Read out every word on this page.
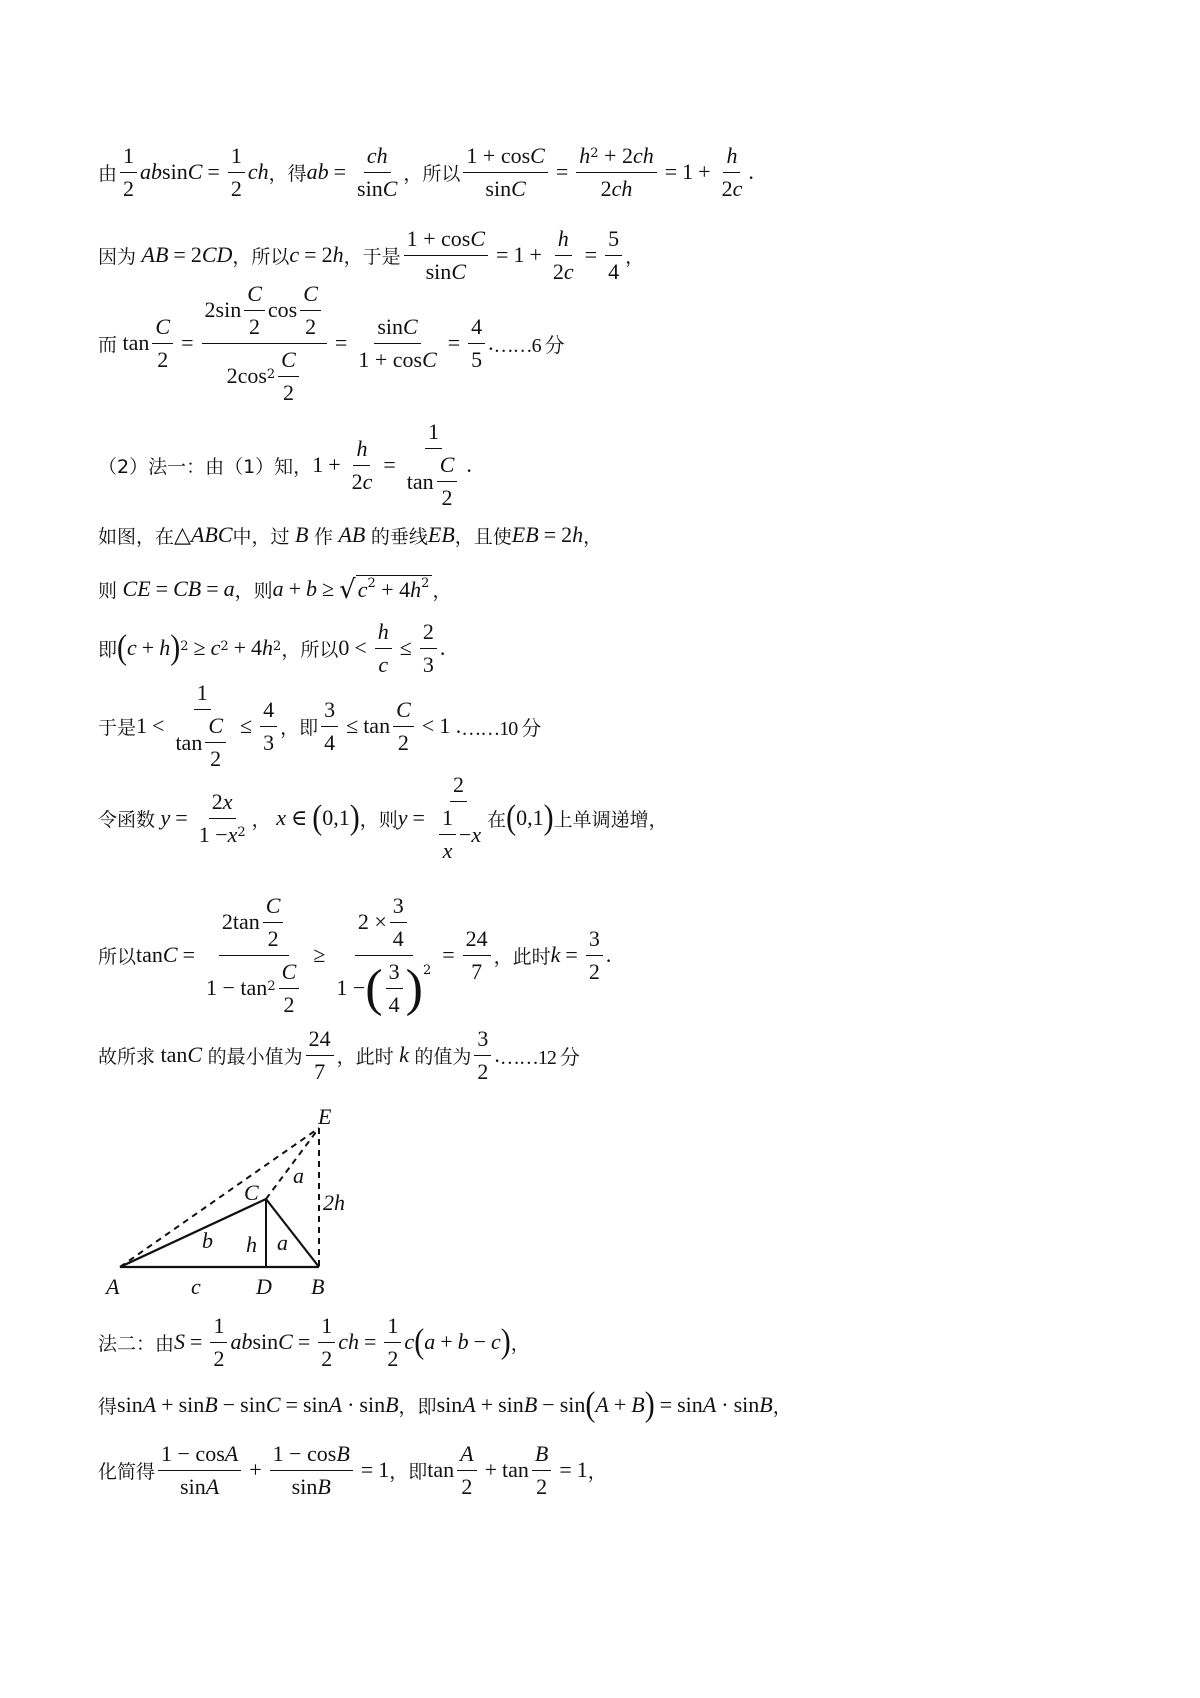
由 $\frac{1}{2}$ ab $\sin C = \frac{1}{2}$ ch ，得 ab = $\frac{ch}{\text{sin C}}$ ，所以 $\frac{\text{1 + cos C}}{\text{sin C}} = \frac{h 2 + 2 ch}{2 ch} = 1 + \frac{h}{2 c}$ .
因为 AB = 2 CD ，所以 c = 2 h ，于是 $\frac{\text{1 + cos C}}{\text{sin C}} = 1 + \frac{h}{2 c} = \frac{5}{4}$ ，
而 $\tan \frac{C}{2} = \frac{2\sin \frac{C}{2} \cos \frac{C}{2}}{2\cos 2 \frac{C}{2}} = \frac{\text{sin C}}{\text{1 + cos C}} = \frac{4}{5}$ . ……6 分
（2）法一：由（1）知， $1 + \frac{h}{2 c} = \frac{1}{\tan \frac{C}{2}}$ .
如图，在 △ ABC 中，过 B 作 AB 的垂线 EB ，且使 EB = 2 h ，
则 CE = CB = a ，则 a + b ≥ √ $c^2 + 4h^2$ ，
即 ( c + h ) 2 ≥ c 2 + 4 h 2 ，所以 $0 < \frac{h}{c} \le \frac{2}{3}$ .
于是 $1 < \frac{1}{\tan \frac{C}{2}} \le \frac{4}{3}$ ，即 $\frac{3}{4} \le \tan \frac{C}{2} < 1$ . ……10 分
令函数 $y = \frac{2 x}{1 - x 2}$ ， x ∈ ( 0,1 ) ，则 $y = \frac{2}{\frac{1}{x} - x}$ 在 ( 0,1 ) 上单调递增，
所以 $\tan C = \frac{2\tan \frac{C}{2}}{1 - \tan 2 \frac{C}{2}} \ge \frac{2 \times \frac{3}{4}}{1 - ( \frac{3}{4} ) 2} = \frac{24}{7}$ ，此时 $k = \frac{3}{2}$ .
故所求 tan C 的最小值为 $\frac{24}{7}$ ，此时 k 的值为 $\frac{3}{2}$ . ……12 分
E
C
A	D B
a
2h
b h a
c
法二：由 $S = \frac{1}{2}$ ab $\sin C = \frac{1}{2}$ ch = $\frac{1}{2}$ c ( a + b − c ) ，
得 sin A + sin B − sin C = sin A · sin B ，即 sin A + sin B − sin ( A + B ) = sin A · sin B ，
化简得 $\frac{\text{1 − cos A}}{\text{sin A}} + \frac{\text{1 − cos B}}{\text{sin B}} = 1$ ，即 $\tan \frac{A}{2} + \tan \frac{B}{2} = 1$ ，
